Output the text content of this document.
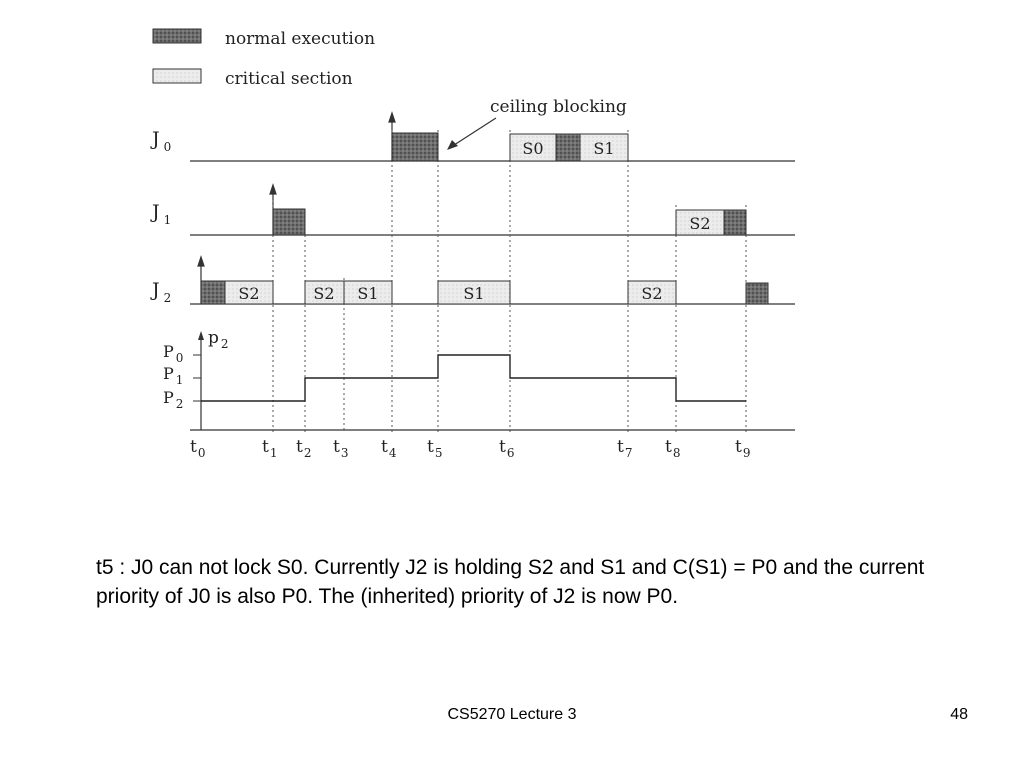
normal execution
critical section
ceiling blocking
J $_0$
J $_1$
J $_2$
S0	S1
S2
S2	S2 S1	S1	S2
p $_2$
P $_0$
P $_1$
P $_2$
$t_0$	$t_1$ $t_2$ $t_3$ $t_4$ $t_5$	$t_6$	$t_7$ $t_8$	$t_9$
t5 : J0 can not lock S0. Currently J2 is holding S2 and S1 and C(S1) = P0 and the current priority of J0 is also P0. The (inherited) priority of J2 is now P0.
CS5270 Lecture 3	48
